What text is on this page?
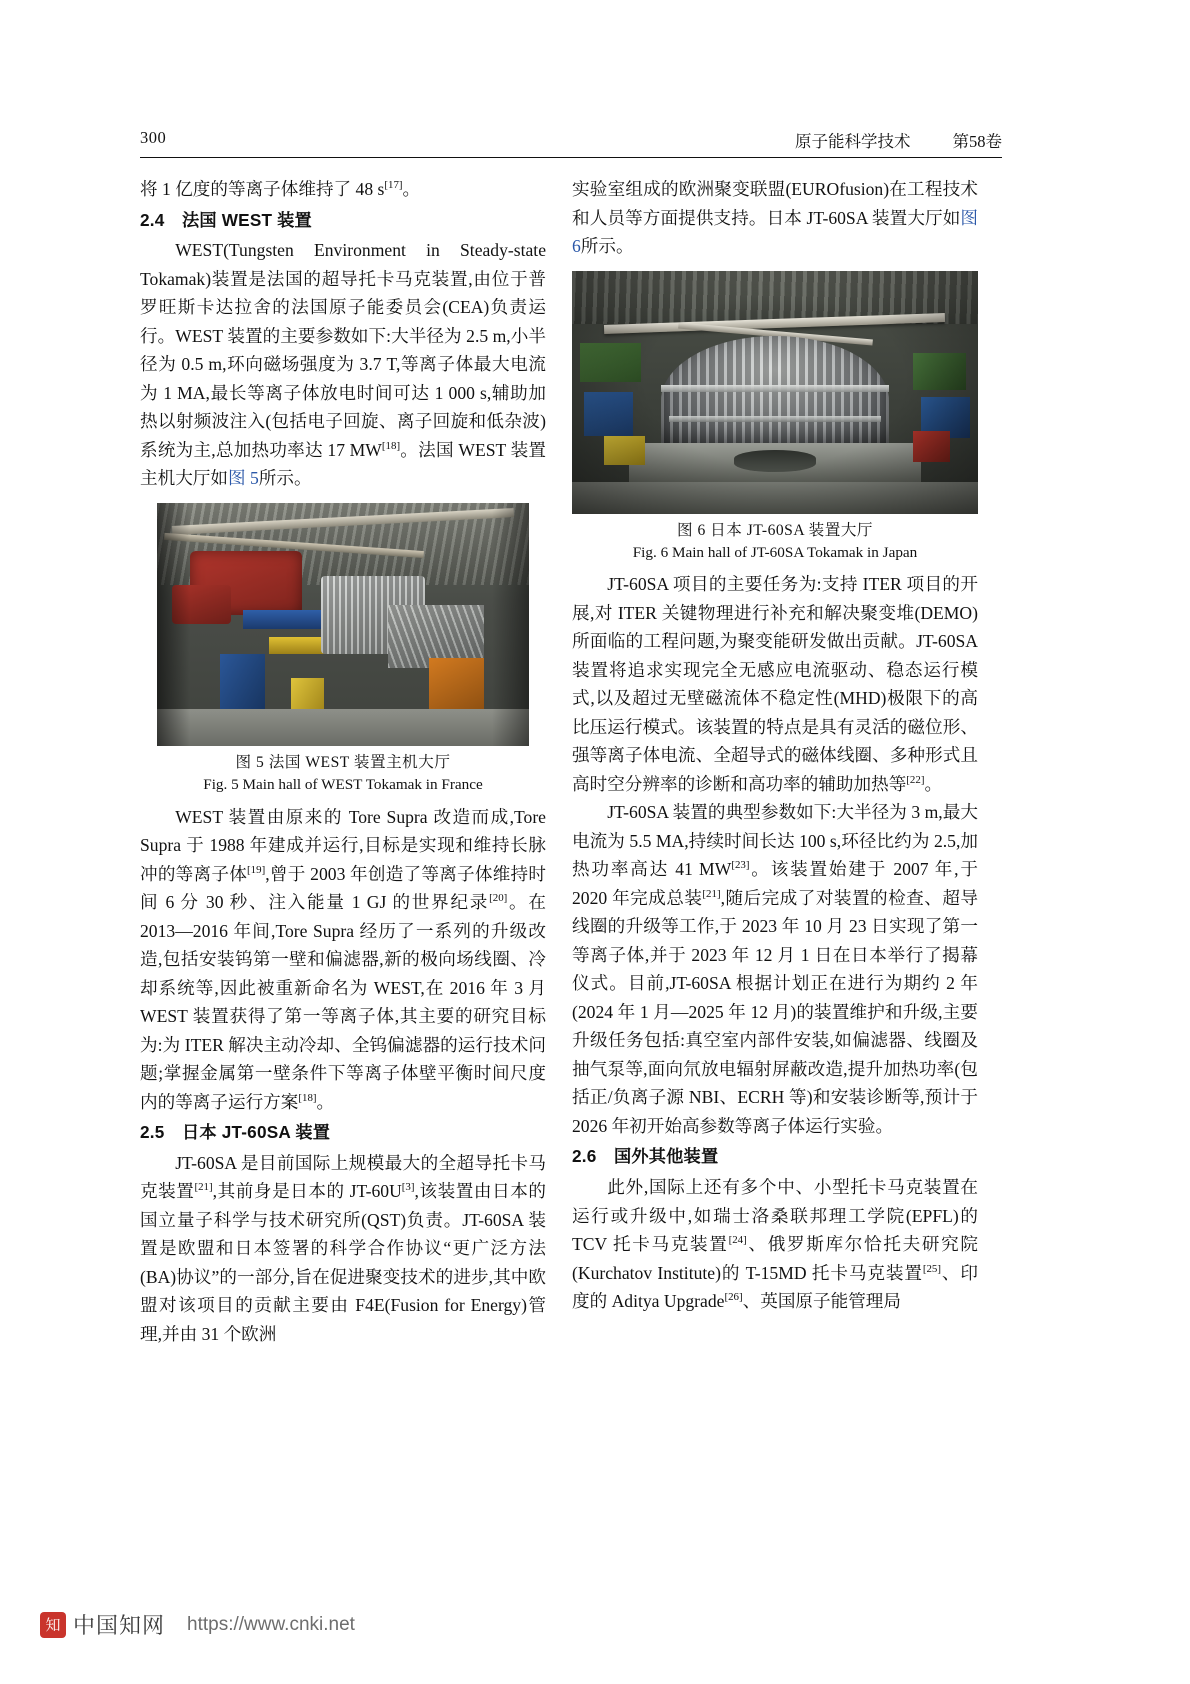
300	原子能科学技术	第58卷

将 1 亿度的等离子体维持了 48 s[17]。

2.4 法国 WEST 装置

WEST(Tungsten Environment in Steady-state Tokamak)装置是法国的超导托卡马克装置,由位于普罗旺斯卡达拉舍的法国原子能委员会(CEA)负责运行。WEST 装置的主要参数如下:大半径为 2.5 m,小半径为 0.5 m,环向磁场强度为 3.7 T,等离子体最大电流为 1 MA,最长等离子体放电时间可达 1 000 s,辅助加热以射频波注入(包括电子回旋、离子回旋和低杂波)系统为主,总加热功率达 17 MW[18]。法国 WEST 装置主机大厅如图 5所示。

图 5 法国 WEST 装置主机大厅
Fig. 5 Main hall of WEST Tokamak in France

WEST 装置由原来的 Tore Supra 改造而成,Tore Supra 于 1988 年建成并运行,目标是实现和维持长脉冲的等离子体[19],曾于 2003 年创造了等离子体维持时间 6 分 30 秒、注入能量 1 GJ 的世界纪录[20]。在 2013—2016 年间,Tore Supra 经历了一系列的升级改造,包括安装钨第一壁和偏滤器,新的极向场线圈、冷却系统等,因此被重新命名为 WEST,在 2016 年 3 月 WEST 装置获得了第一等离子体,其主要的研究目标为:为 ITER 解决主动冷却、全钨偏滤器的运行技术问题;掌握金属第一壁条件下等离子体壁平衡时间尺度内的等离子运行方案[18]。

2.5 日本 JT-60SA 装置

JT-60SA 是目前国际上规模最大的全超导托卡马克装置[21],其前身是日本的 JT-60U[3],该装置由日本的国立量子科学与技术研究所(QST)负责。JT-60SA 装置是欧盟和日本签署的科学合作协议“更广泛方法(BA)协议”的一部分,旨在促进聚变技术的进步,其中欧盟对该项目的贡献主要由 F4E(Fusion for Energy)管理,并由 31 个欧洲

实验室组成的欧洲聚变联盟(EUROfusion)在工程技术和人员等方面提供支持。日本 JT-60SA 装置大厅如图 6所示。

图 6 日本 JT-60SA 装置大厅
Fig. 6 Main hall of JT-60SA Tokamak in Japan

JT-60SA 项目的主要任务为:支持 ITER 项目的开展,对 ITER 关键物理进行补充和解决聚变堆(DEMO)所面临的工程问题,为聚变能研发做出贡献。JT-60SA 装置将追求实现完全无感应电流驱动、稳态运行模式,以及超过无壁磁流体不稳定性(MHD)极限下的高比压运行模式。该装置的特点是具有灵活的磁位形、强等离子体电流、全超导式的磁体线圈、多种形式且高时空分辨率的诊断和高功率的辅助加热等[22]。

JT-60SA 装置的典型参数如下:大半径为 3 m,最大电流为 5.5 MA,持续时间长达 100 s,环径比约为 2.5,加热功率高达 41 MW[23]。该装置始建于 2007 年,于 2020 年完成总装[21],随后完成了对装置的检查、超导线圈的升级等工作,于 2023 年 10 月 23 日实现了第一等离子体,并于 2023 年 12 月 1 日在日本举行了揭幕仪式。目前,JT-60SA 根据计划正在进行为期约 2 年(2024 年 1 月—2025 年 12 月)的装置维护和升级,主要升级任务包括:真空室内部件安装,如偏滤器、线圈及抽气泵等,面向氘放电辐射屏蔽改造,提升加热功率(包括正/负离子源 NBI、ECRH 等)和安装诊断等,预计于 2026 年初开始高参数等离子体运行实验。

2.6 国外其他装置

此外,国际上还有多个中、小型托卡马克装置在运行或升级中,如瑞士洛桑联邦理工学院(EPFL)的 TCV 托卡马克装置[24]、俄罗斯库尔恰托夫研究院(Kurchatov Institute)的 T-15MD 托卡马克装置[25]、印度的 Aditya Upgrade[26]、英国原子能管理局

知 中国知网 https://www.cnki.net
